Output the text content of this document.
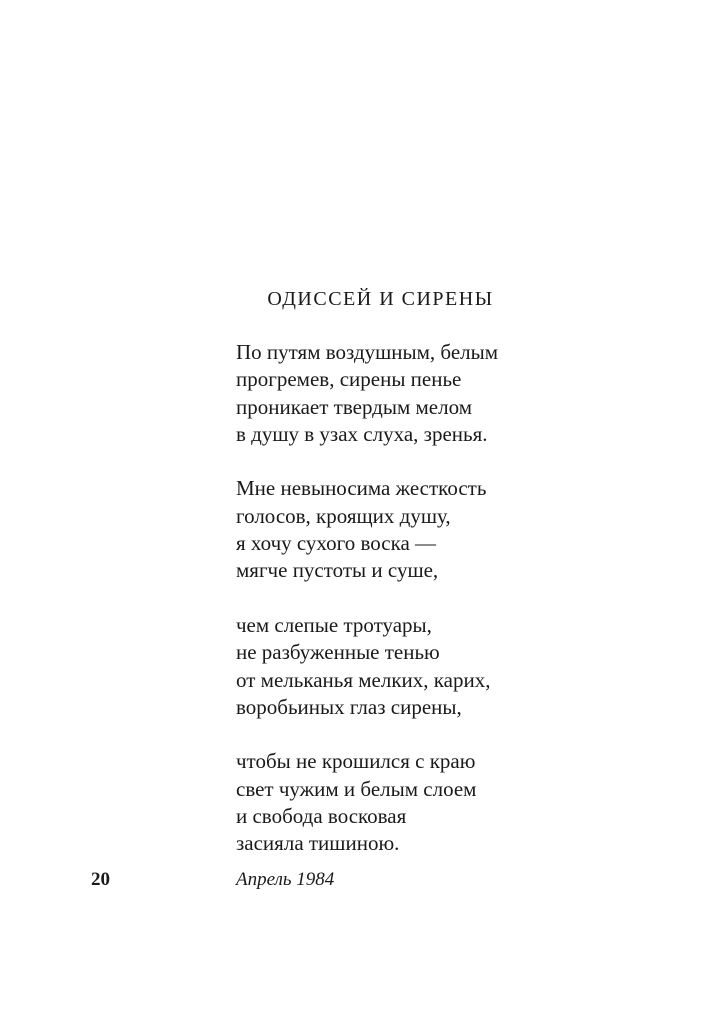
ОДИССЕЙ И СИРЕНЫ
По путям воздушным, белым
прогремев, сирены пенье
проникает твердым мелом
в душу в узах слуха, зренья.
Мне невыносима жесткость
голосов, кроящих душу,
я хочу сухого воска —
мягче пустоты и суше,
чем слепые тротуары,
не разбуженные тенью
от мельканья мелких, карих,
воробьиных глаз сирены,
чтобы не крошился с краю
свет чужим и белым слоем
и свобода восковая
засияла тишиною.
20	Апрель 1984
